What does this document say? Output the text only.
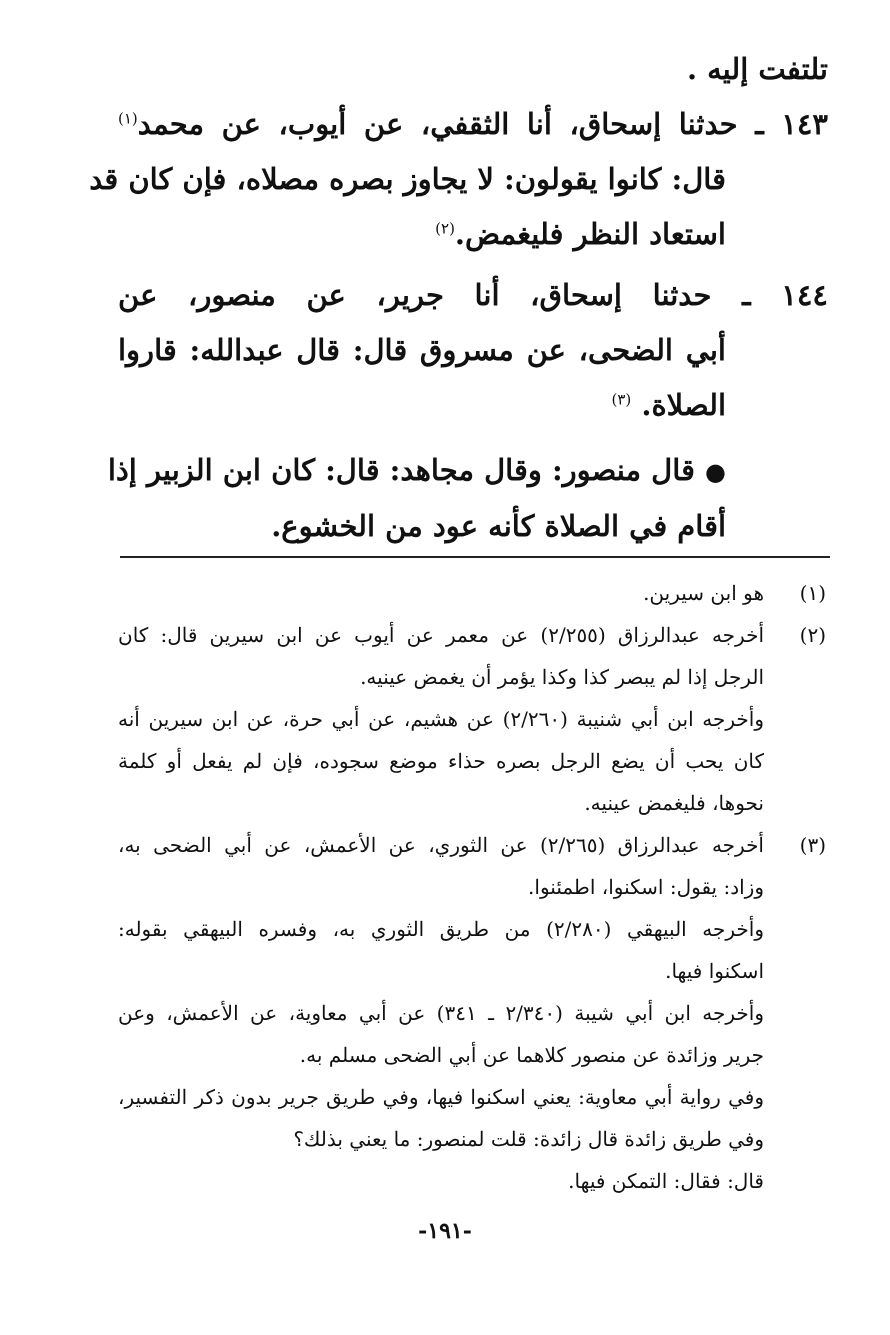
تلتفت إليه .
١٤٣ ـ حدثنا إسحاق، أنا الثقفي، عن أيوب، عن محمد$^{(١)}$
قال: كانوا يقولون: لا يجاوز بصره مصلاه، فإن كان قد
استعاد النظر فليغمض.$^{(٢)}$
١٤٤ ـ حدثنا إسحاق، أنا جرير، عن منصور، عن
أبي الضحى، عن مسروق قال: قال عبدالله: قاروا
الصلاة. $^{(٣)}$
● قال منصور: وقال مجاهد: قال: كان ابن الزبير إذا
أقام في الصلاة كأنه عود من الخشوع.
(١)
هو ابن سيرين.
(٢)
أخرجه عبدالرزاق (٢/٢٥٥) عن معمر عن أيوب عن ابن سيرين قال: كان
الرجل إذا لم يبصر كذا وكذا يؤمر أن يغمض عينيه.
وأخرجه ابن أبي شنيبة (٢/٢٦٠) عن هشيم، عن أبي حرة، عن ابن سيرين أنه
كان يحب أن يضع الرجل بصره حذاء موضع سجوده، فإن لم يفعل أو كلمة
نحوها، فليغمض عينيه.
(٣)
أخرجه عبدالرزاق (٢/٢٦٥) عن الثوري، عن الأعمش، عن أبي الضحى به،
وزاد: يقول: اسكنوا، اطمئنوا.
وأخرجه البيهقي (٢/٢٨٠) من طريق الثوري به، وفسره البيهقي بقوله:
اسكنوا فيها.
وأخرجه ابن أبي شيبة (٢/٣٤٠ ـ ٣٤١) عن أبي معاوية، عن الأعمش، وعن
جرير وزائدة عن منصور كلاهما عن أبي الضحى مسلم به.
وفي رواية أبي معاوية: يعني اسكنوا فيها، وفي طريق جرير بدون ذكر التفسير،
وفي طريق زائدة قال زائدة: قلت لمنصور: ما يعني بذلك؟
قال: فقال: التمكن فيها.
-١٩١-
